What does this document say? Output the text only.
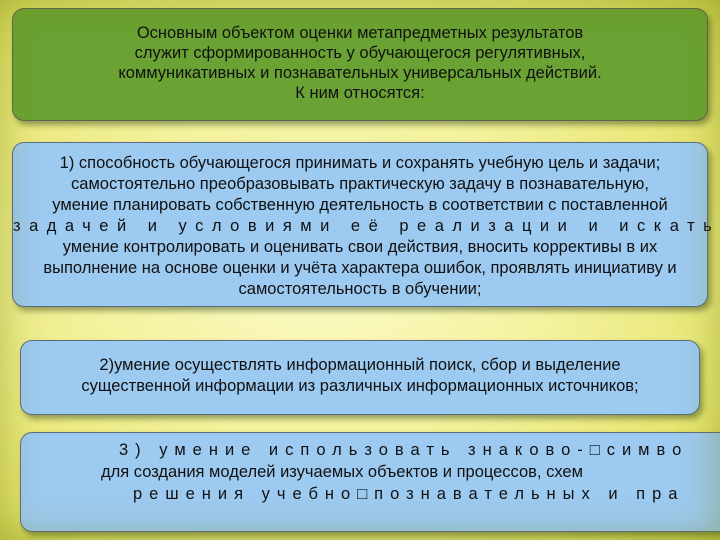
Основным объектом оценки метапредметных результатов
служит сформированность у обучающегося регулятивных,
коммуникативных и познавательных универсальных действий.
К ним относятся:
1) способность обучающегося принимать и сохранять учебную цель и задачи;
самостоятельно преобразовывать практическую задачу в познавательную,
умение планировать собственную деятельность в соответствии с поставленной
задачей и условиями её реализации и искать
умение контролировать и оценивать свои действия, вносить коррективы в их
выполнение на основе оценки и учёта характера ошибок, проявлять инициативу и
самостоятельность в обучении;
2)умение осуществлять информационный поиск, сбор и выделение
существенной информации из различных информационных источников;
3) умение использовать знаково-□симво
для создания моделей изучаемых объектов и процессов, схем
решения учебно□познавательных и пра
